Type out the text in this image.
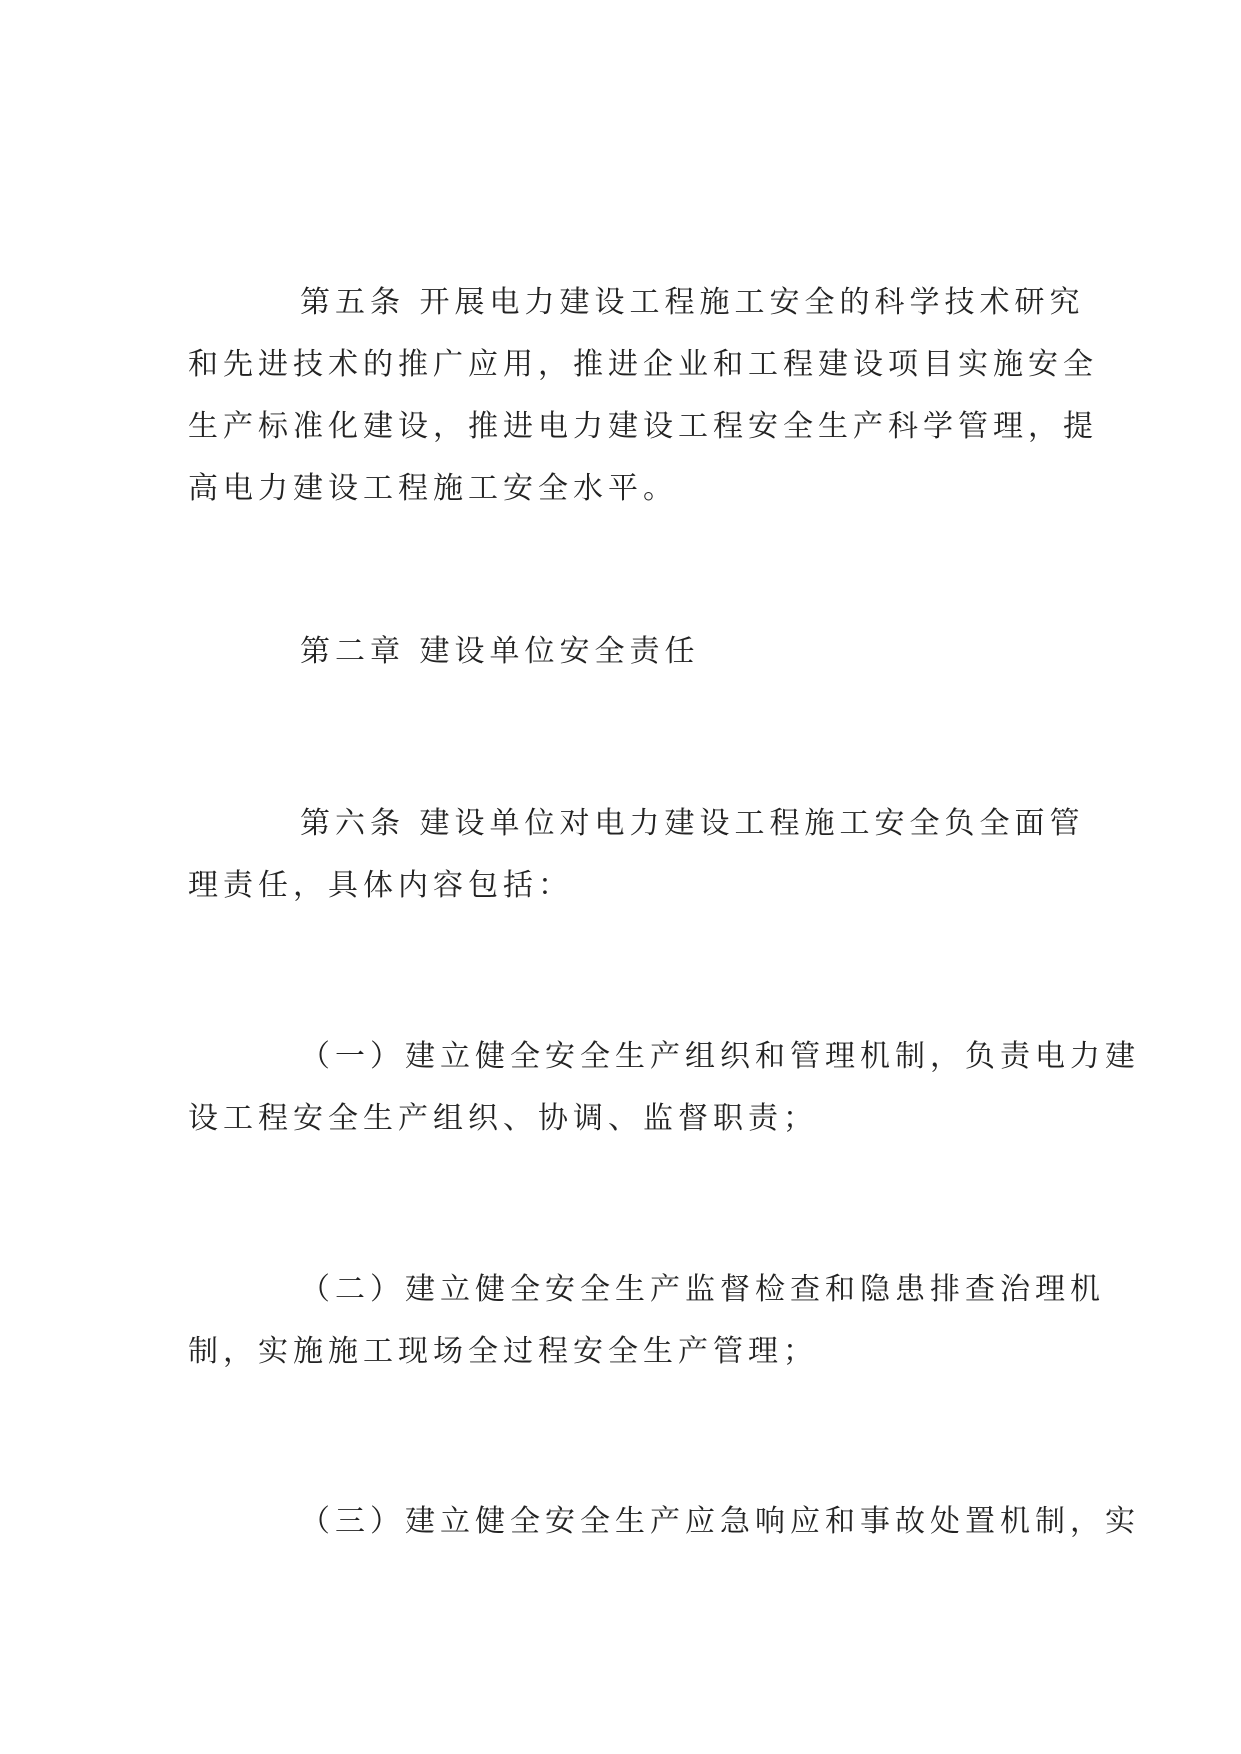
第五条 开展电力建设工程施工安全的科学技术研究
和先进技术的推广应用，推进企业和工程建设项目实施安全
生产标准化建设，推进电力建设工程安全生产科学管理，提
高电力建设工程施工安全水平。
第二章 建设单位安全责任
第六条 建设单位对电力建设工程施工安全负全面管
理责任，具体内容包括：
（一）建立健全安全生产组织和管理机制，负责电力建
设工程安全生产组织、协调、监督职责；
（二）建立健全安全生产监督检查和隐患排查治理机
制，实施施工现场全过程安全生产管理；
（三）建立健全安全生产应急响应和事故处置机制，实
